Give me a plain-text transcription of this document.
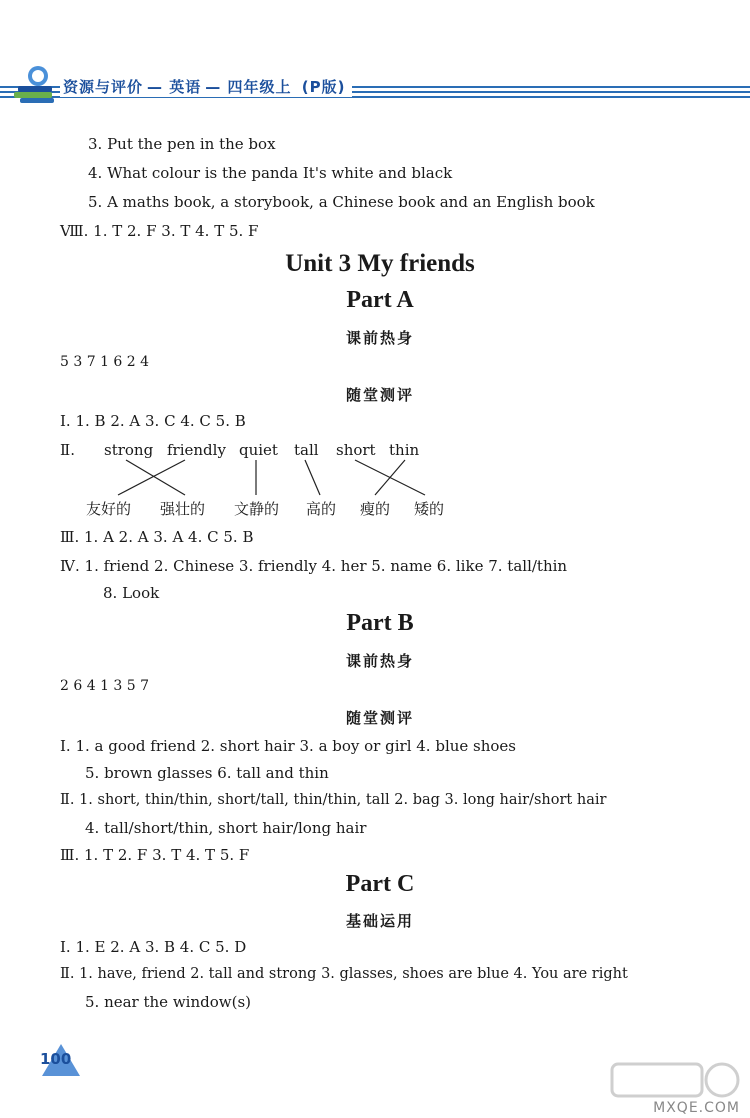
资源与评价 — 英语 — 四年级上 (P版)
3. Put the pen in the box
4. What colour is the panda It's white and black
5. A maths book, a storybook, a Chinese book and an English book
Ⅷ. 1. T 2. F 3. T 4. T 5. F
Unit 3 My friends
Part A
课前热身
5 3 7 1 6 2 4
随堂测评
Ⅰ. 1. B 2. A 3. C 4. C 5. B
Ⅱ. strong friendly quiet tall short thin
友好的 强壮的 文静的 高的 瘦的 矮的
Ⅲ. 1. A 2. A 3. A 4. C 5. B
Ⅳ. 1. friend 2. Chinese 3. friendly 4. her 5. name 6. like 7. tall/thin
8. Look
Part B
课前热身
2 6 4 1 3 5 7
随堂测评
Ⅰ. 1. a good friend 2. short hair 3. a boy or girl 4. blue shoes
5. brown glasses 6. tall and thin
Ⅱ. 1. short, thin/thin, short/tall, thin/thin, tall 2. bag 3. long hair/short hair
4. tall/short/thin, short hair/long hair
Ⅲ. 1. T 2. F 3. T 4. T 5. F
Part C
基础运用
Ⅰ. 1. E 2. A 3. B 4. C 5. D
Ⅱ. 1. have, friend 2. tall and strong 3. glasses, shoes are blue 4. You are right
5. near the window(s)
100
MXQE.COM
